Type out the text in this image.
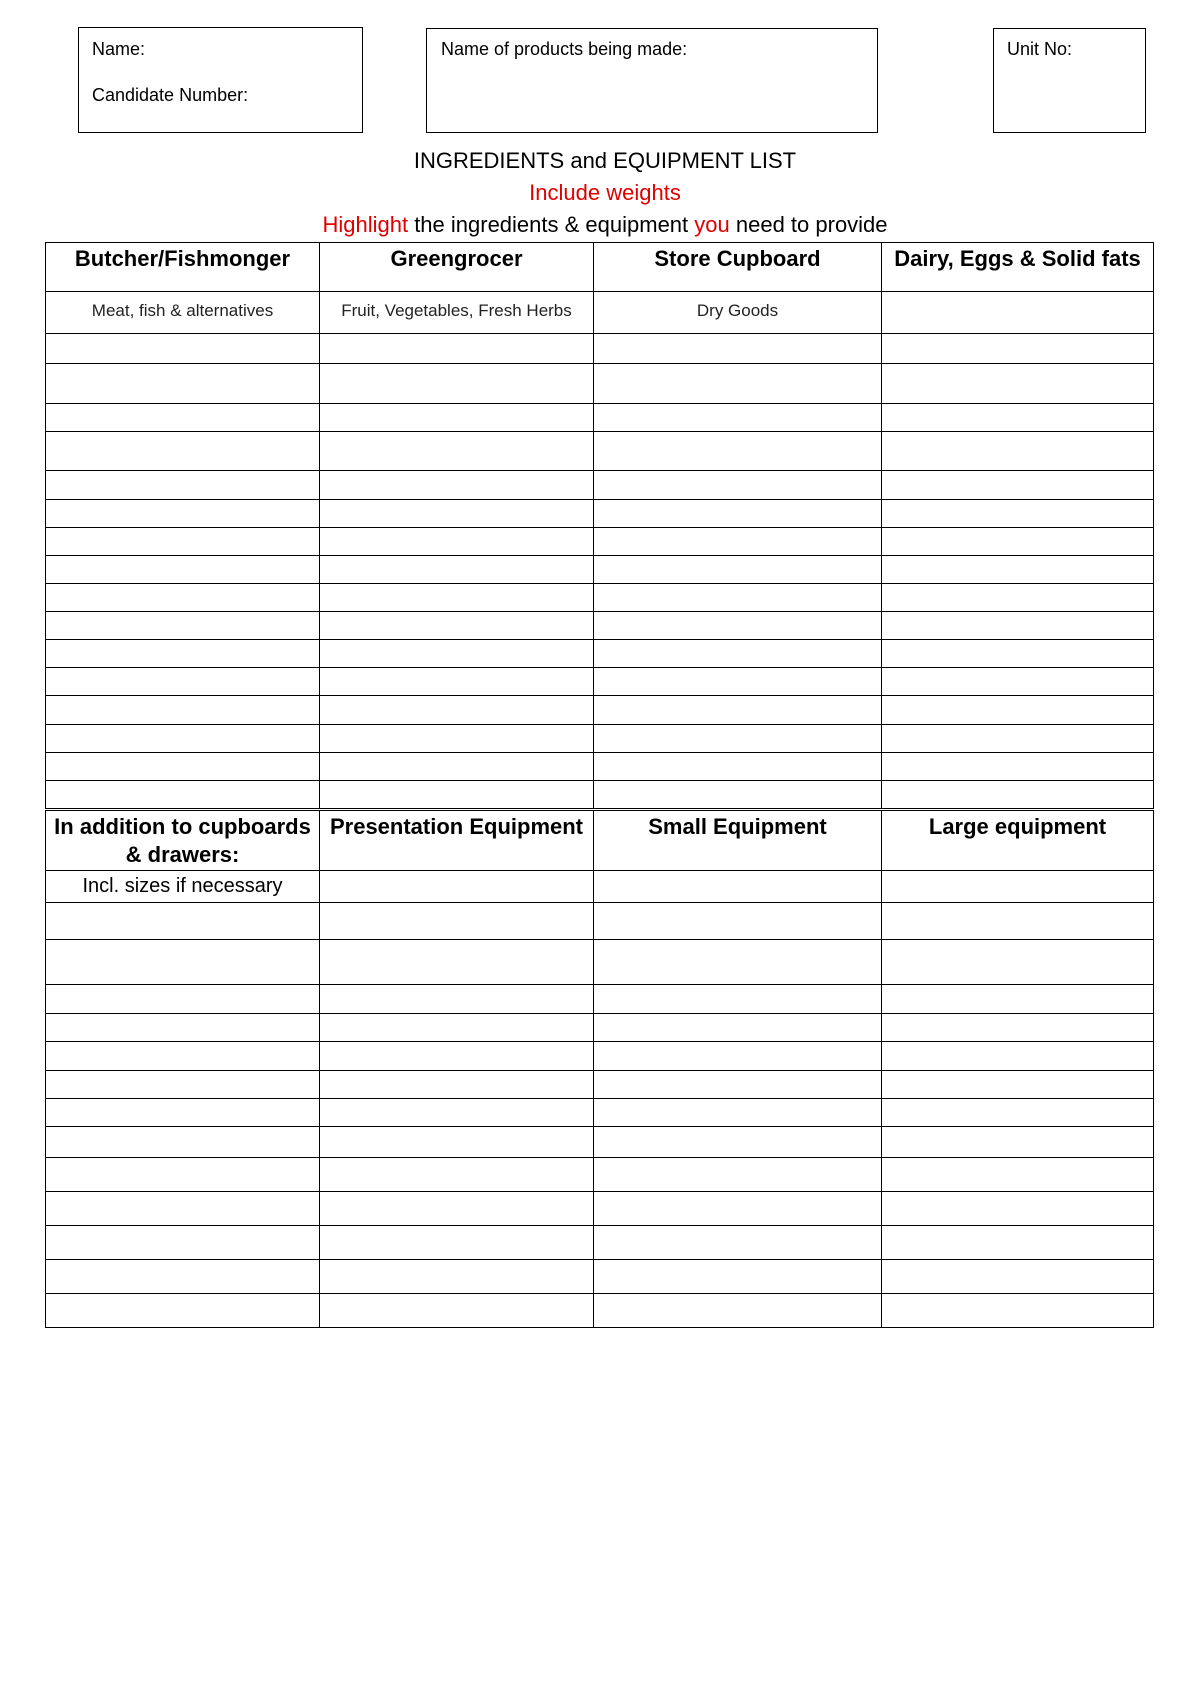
Name:
Candidate Number:
Name of products being made:	Unit No:
INGREDIENTS and EQUIPMENT LIST
Include weights
Highlight the ingredients & equipment you need to provide
Butcher/Fishmonger	Greengrocer	Store Cupboard	Dairy, Eggs & Solid fats
Meat, fish & alternatives	Fruit, Vegetables, Fresh Herbs	Dry Goods	

In addition to cupboards & drawers:	Presentation Equipment	Small Equipment	Large equipment
Incl. sizes if necessary			
